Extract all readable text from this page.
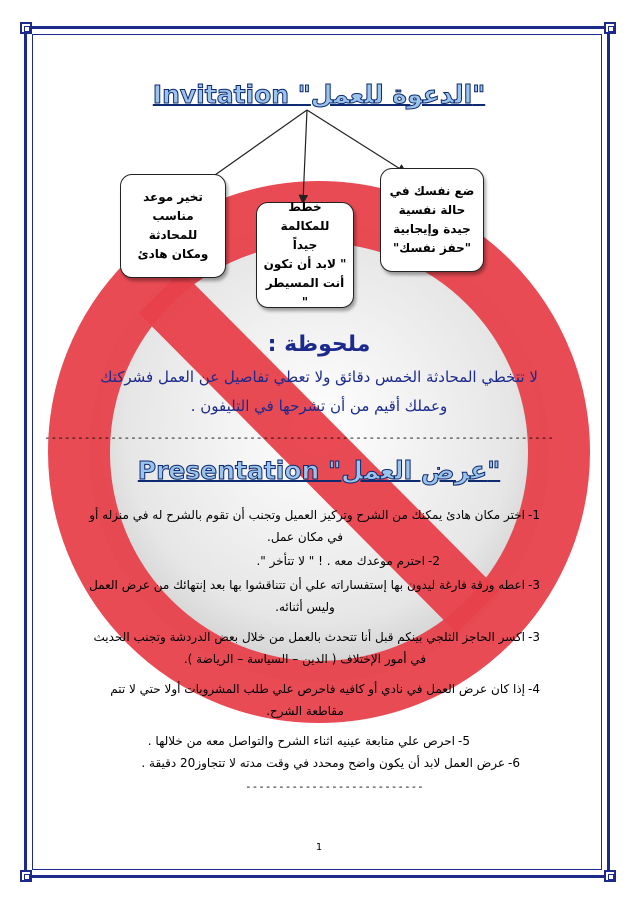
Invitation "الدعوة للعمل"
تخير موعد
مناسب
للمحادثة
ومكان هادئ
خطط للمكالمة
جيداً
" لابد أن تكون
أنت المسيطر "
ضع نفسك في
حالة نفسية
جيدة وإيجابية
"حفز نفسك"
ملحوظة :
لا تتخطي المحادثة الخمس دقائق ولا تعطي تفاصيل عن العمل فشركتك
وعملك أقيم من أن تشرحها في التليفون .
-----------------------------------------------------------------------------
Presentation "عرض العمل"
1-اختر مكان هادئ يمكنك من الشرح وتركيز العميل وتجنب أن تقوم بالشرح له في منزله أو
في مكان عمل.
2-احترم موعدك معه . ! " لا تتأخر ".
3-اعطه ورقة فارغة ليدون بها إستفساراته علي أن تتناقشوا بها بعد إنتهائك من عرض العمل
وليس أثنائه.
3-اكسر الحاجز الثلجي بينكم قبل أنا تتحدث بالعمل من خلال بعض الدردشة وتجنب الحديث
في أمور الإختلاف ( الدين – السياسة – الرياضة ).
4-إذا كان عرض العمل في نادي أو كافيه فاحرص علي طلب المشروبات أولا حتي لا تتم
مقاطعة الشرح.
5-احرص علي متابعة عينيه اثناء الشرح والتواصل معه من خلالها .
6-عرض العمل لابد أن يكون واضح ومحدد في وقت مدته لا تتجاوز20 دقيقة .
---------------------------
1
